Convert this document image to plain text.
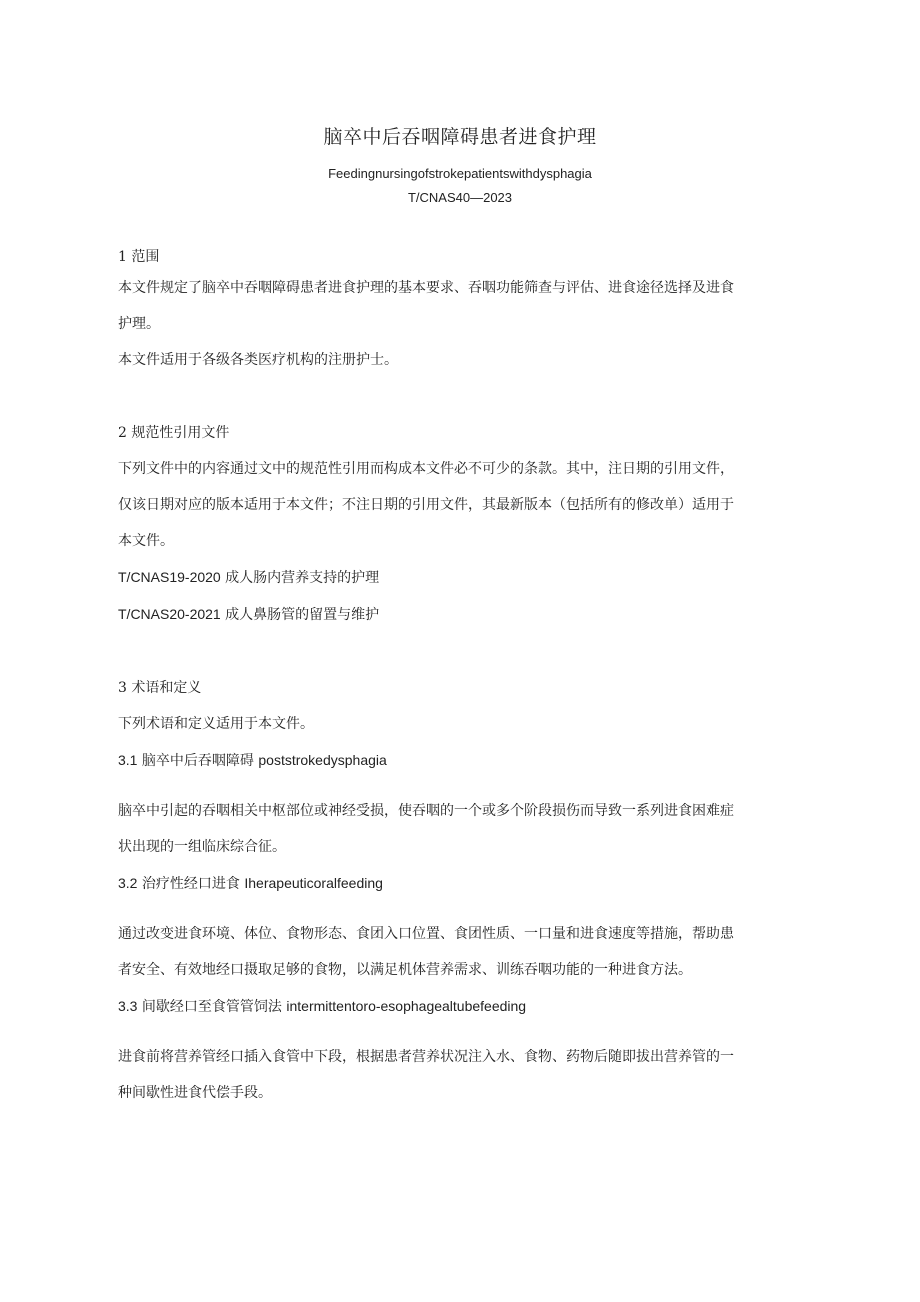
脑卒中后吞咽障碍患者进食护理
Feedingnursingofstrokepatientswithdysphagia
T/CNAS40—2023
1 范围
本文件规定了脑卒中吞咽障碍患者进食护理的基本要求、吞咽功能筛查与评估、进食途径选择及进食
护理。
本文件适用于各级各类医疗机构的注册护士。
2 规范性引用文件
下列文件中的内容通过文中的规范性引用而构成本文件必不可少的条款。其中，注日期的引用文件，
仅该日期对应的版本适用于本文件；不注日期的引用文件，其最新版本（包括所有的修改单）适用于
本文件。
T/CNAS19-2020 成人肠内营养支持的护理
T/CNAS20-2021 成人鼻肠管的留置与维护
3 术语和定义
下列术语和定义适用于本文件。
3.1 脑卒中后吞咽障碍 poststrokedysphagia
脑卒中引起的吞咽相关中枢部位或神经受损，使吞咽的一个或多个阶段损伤而导致一系列进食困难症
状出现的一组临床综合征。
3.2 治疗性经口进食 Iherapeuticoralfeeding
通过改变进食环境、体位、食物形态、食团入口位置、食团性质、一口量和进食速度等措施，帮助患
者安全、有效地经口摄取足够的食物，以满足机体营养需求、训练吞咽功能的一种进食方法。
3.3 间歇经口至食管管饲法 intermittentoro-esophagealtubefeeding
进食前将营养管经口插入食管中下段，根据患者营养状况注入水、食物、药物后随即拔出营养管的一
种间歇性进食代偿手段。
